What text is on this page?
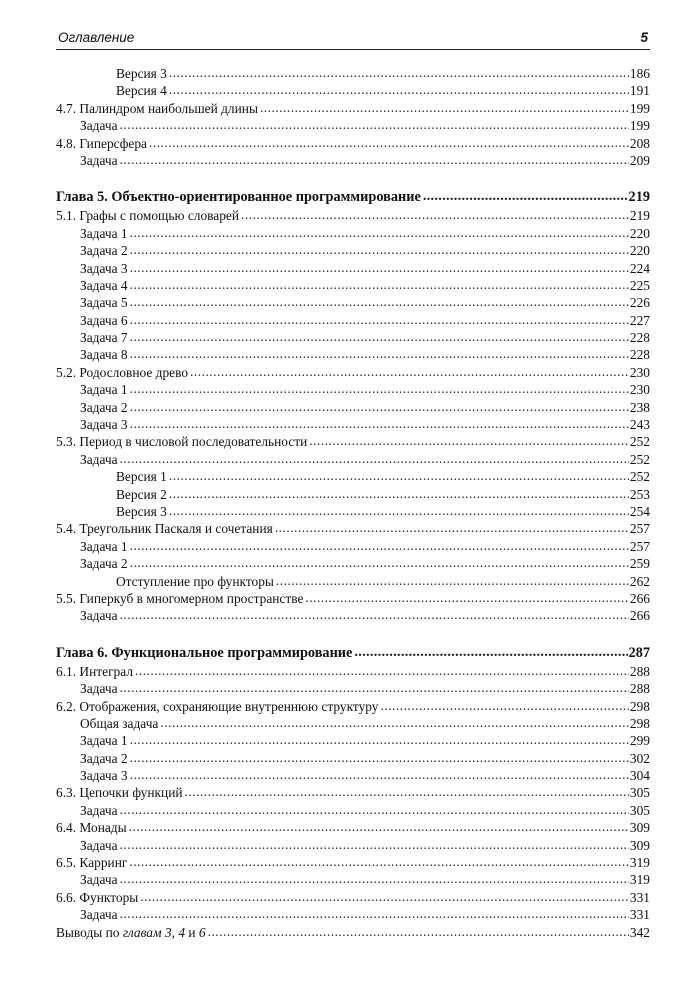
Оглавление	5
Версия 3 .....	186
Версия 4 .....	191
4.7. Палиндром наибольшей длины .....	199
Задача .....	199
4.8. Гиперсфера .....	208
Задача .....	209
Глава 5. Объектно-ориентированное программирование .....	219
5.1. Графы с помощью словарей .....	219
Задача 1 .....	220
Задача 2 .....	220
Задача 3 .....	224
Задача 4 .....	225
Задача 5 .....	226
Задача 6 .....	227
Задача 7 .....	228
Задача 8 .....	228
5.2. Родословное древо .....	230
Задача 1 .....	230
Задача 2 .....	238
Задача 3 .....	243
5.3. Период в числовой последовательности .....	252
Задача .....	252
Версия 1 .....	252
Версия 2 .....	253
Версия 3 .....	254
5.4. Треугольник Паскаля и сочетания .....	257
Задача 1 .....	257
Задача 2 .....	259
Отступление про функторы .....	262
5.5. Гиперкуб в многомерном пространстве .....	266
Задача .....	266
Глава 6. Функциональное программирование .....	287
6.1. Интеграл .....	288
Задача .....	288
6.2. Отображения, сохраняющие внутреннюю структуру .....	298
Общая задача .....	298
Задача 1 .....	299
Задача 2 .....	302
Задача 3 .....	304
6.3. Цепочки функций .....	305
Задача .....	305
6.4. Монады .....	309
Задача .....	309
6.5. Карринг .....	319
Задача .....	319
6.6. Функторы .....	331
Задача .....	331
Выводы по главам 3, 4 и 6 .....	342
